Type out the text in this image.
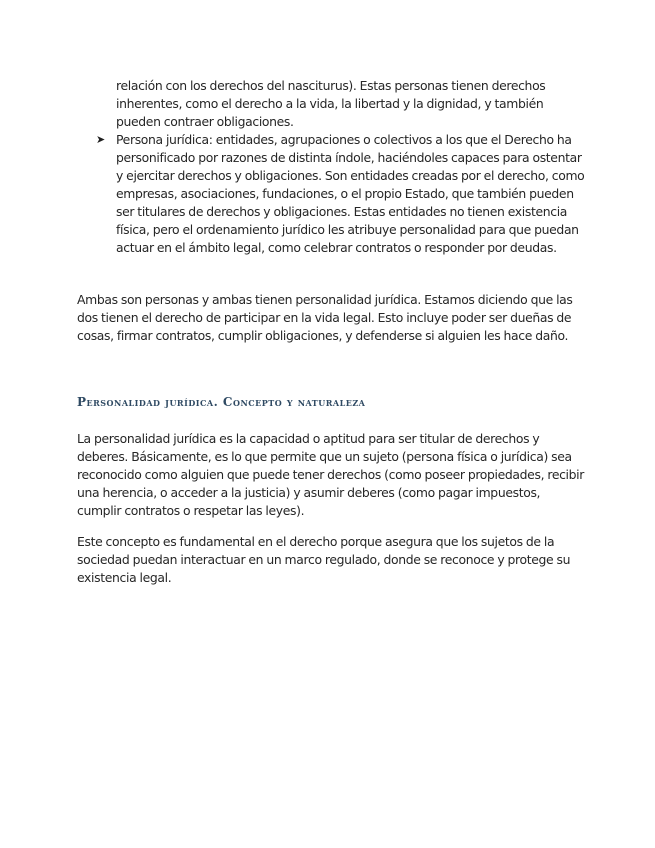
relación con los derechos del nasciturus). Estas personas tienen derechos inherentes, como el derecho a la vida, la libertad y la dignidad, y también pueden contraer obligaciones.

➤ Persona jurídica: entidades, agrupaciones o colectivos a los que el Derecho ha personificado por razones de distinta índole, haciéndoles capaces para ostentar y ejercitar derechos y obligaciones. Son entidades creadas por el derecho, como empresas, asociaciones, fundaciones, o el propio Estado, que también pueden ser titulares de derechos y obligaciones. Estas entidades no tienen existencia física, pero el ordenamiento jurídico les atribuye personalidad para que puedan actuar en el ámbito legal, como celebrar contratos o responder por deudas.

Ambas son personas y ambas tienen personalidad jurídica. Estamos diciendo que las dos tienen el derecho de participar en la vida legal. Esto incluye poder ser dueñas de cosas, firmar contratos, cumplir obligaciones, y defenderse si alguien les hace daño.

Personalidad jurídica. Concepto y naturaleza

La personalidad jurídica es la capacidad o aptitud para ser titular de derechos y deberes. Básicamente, es lo que permite que un sujeto (persona física o jurídica) sea reconocido como alguien que puede tener derechos (como poseer propiedades, recibir una herencia, o acceder a la justicia) y asumir deberes (como pagar impuestos, cumplir contratos o respetar las leyes).

Este concepto es fundamental en el derecho porque asegura que los sujetos de la sociedad puedan interactuar en un marco regulado, donde se reconoce y protege su existencia legal.
